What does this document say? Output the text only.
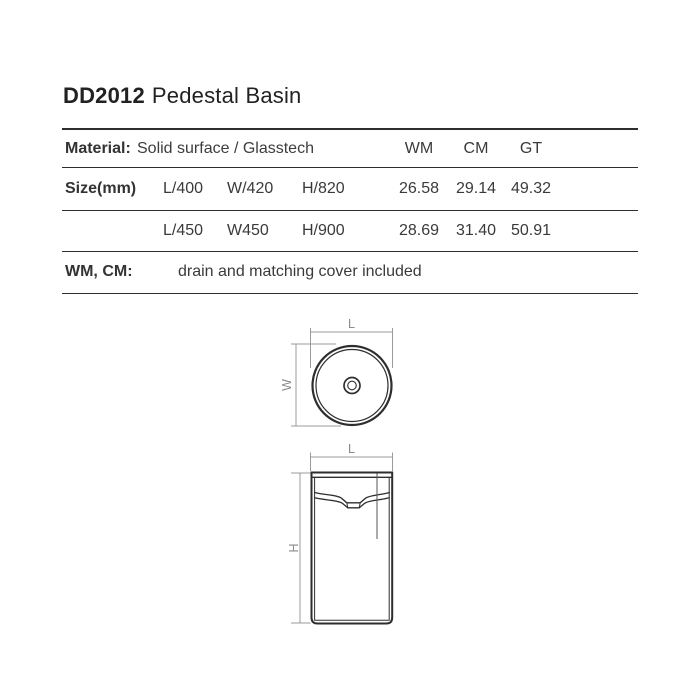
DD2012 Pedestal Basin
Material: Solid surface / Glasstech	WM	CM	GT
Size(mm) L/400 W/420 H/820	26.58	29.14 49.32
L/450 W450 H/900	28.69	31.40 50.91
WM, CM:	drain and matching cover included
L
W
L
H
